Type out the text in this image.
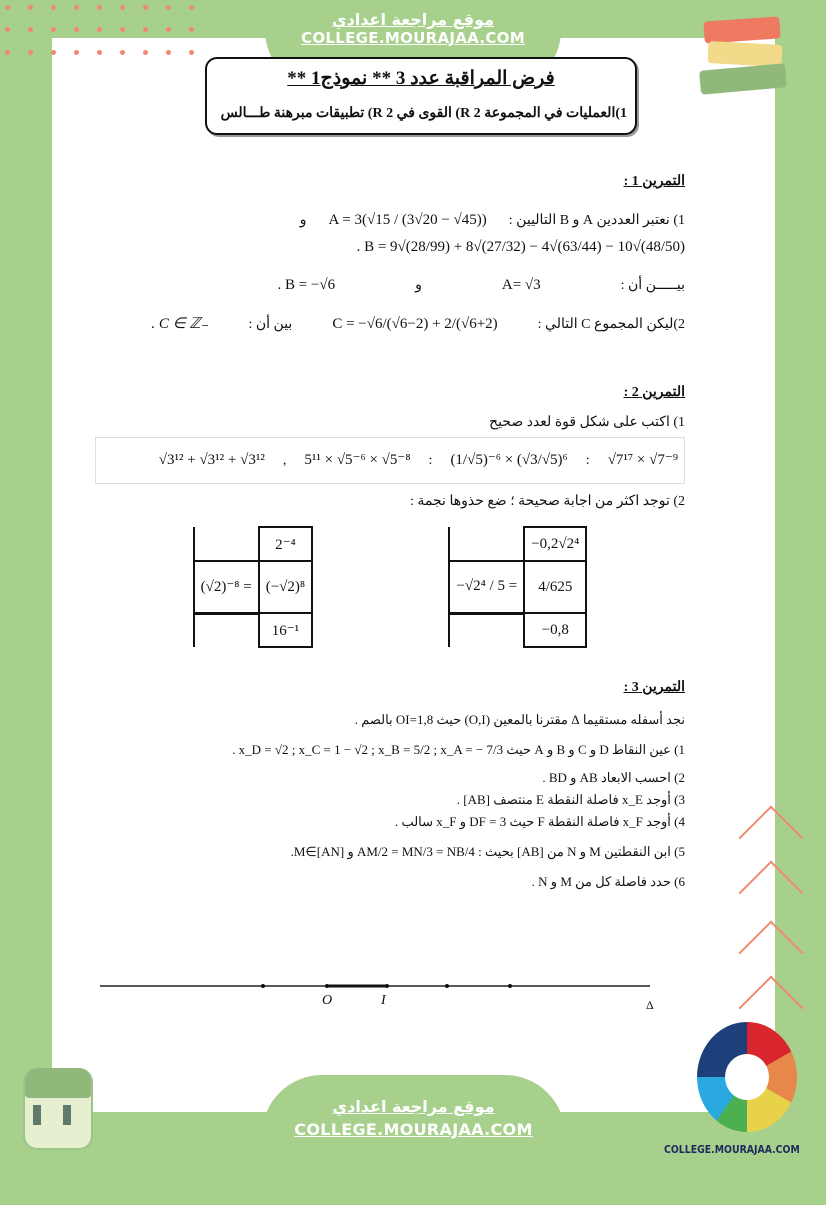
موقع مراجعة اعدادي
COLLEGE.MOURAJAA.COM
فرض المراقبة عدد 3 ** نموذج1 **
1)العمليات في المجموعة R 2) القوى في R 2) تطبيقات مبرهنة طـــالس
التمرين 1 :
1) نعتبر العددين A و B التاليين :
A = 3(√15 / (3√20 − √45))
و
. B = 9√(28/99) + 8√(27/32) − 4√(63/44) − 10√(48/50)
بيـــــن أن :
A= √3
و
. B = −√6
2)ليكن المجموع C التالي :
C = −√6/(√6−2) + 2/(√6+2)
بين أن :
. C ∈ ℤ₋
التمرين 2 :
1) اكتب على شكل قوة لعدد صحيح
√7¹⁷ × √7⁻⁹
:
(1/√5)⁻⁶ × (√3/√5)⁶
:
5¹¹ × √5⁻⁶ × √5⁻⁸
,
√3¹² + √3¹² + √3¹²
2) توجد اكثر من اجابة صحيحة ؛ ضع حذوها نجمة :
	2⁻⁴
(√2)⁻⁸ =	(−√2)⁸
	16⁻¹
	−0,2√2⁴
−√2⁴ / 5 =	4/625
	−0,8
التمرين 3 :
نجد أسفله مستقيما Δ مقترنا بالمعين (O,I) حيث OI=1,8 بالصم .
1) عين النقاط D و C و B و A حيث x_D = √2 ; x_C = 1 − √2 ; x_B = 5/2 ; x_A = − 7/3 .
2) احسب الابعاد AB و BD .
3) أوجد x_E فاصلة النقطة E منتصف [AB] .
4) أوجد x_F فاصلة النقطة F حيث DF = 3 و x_F سالب .
5) ابن النقطتين M و N من [AB] بحيث : AM/2 = MN/3 = NB/4 و M∈[AN].
6) حدد فاصلة كل من M و N .
O	I	Δ
موقع مراجعة اعدادي
COLLEGE.MOURAJAA.COM
COLLEGE.MOURAJAA.COM
